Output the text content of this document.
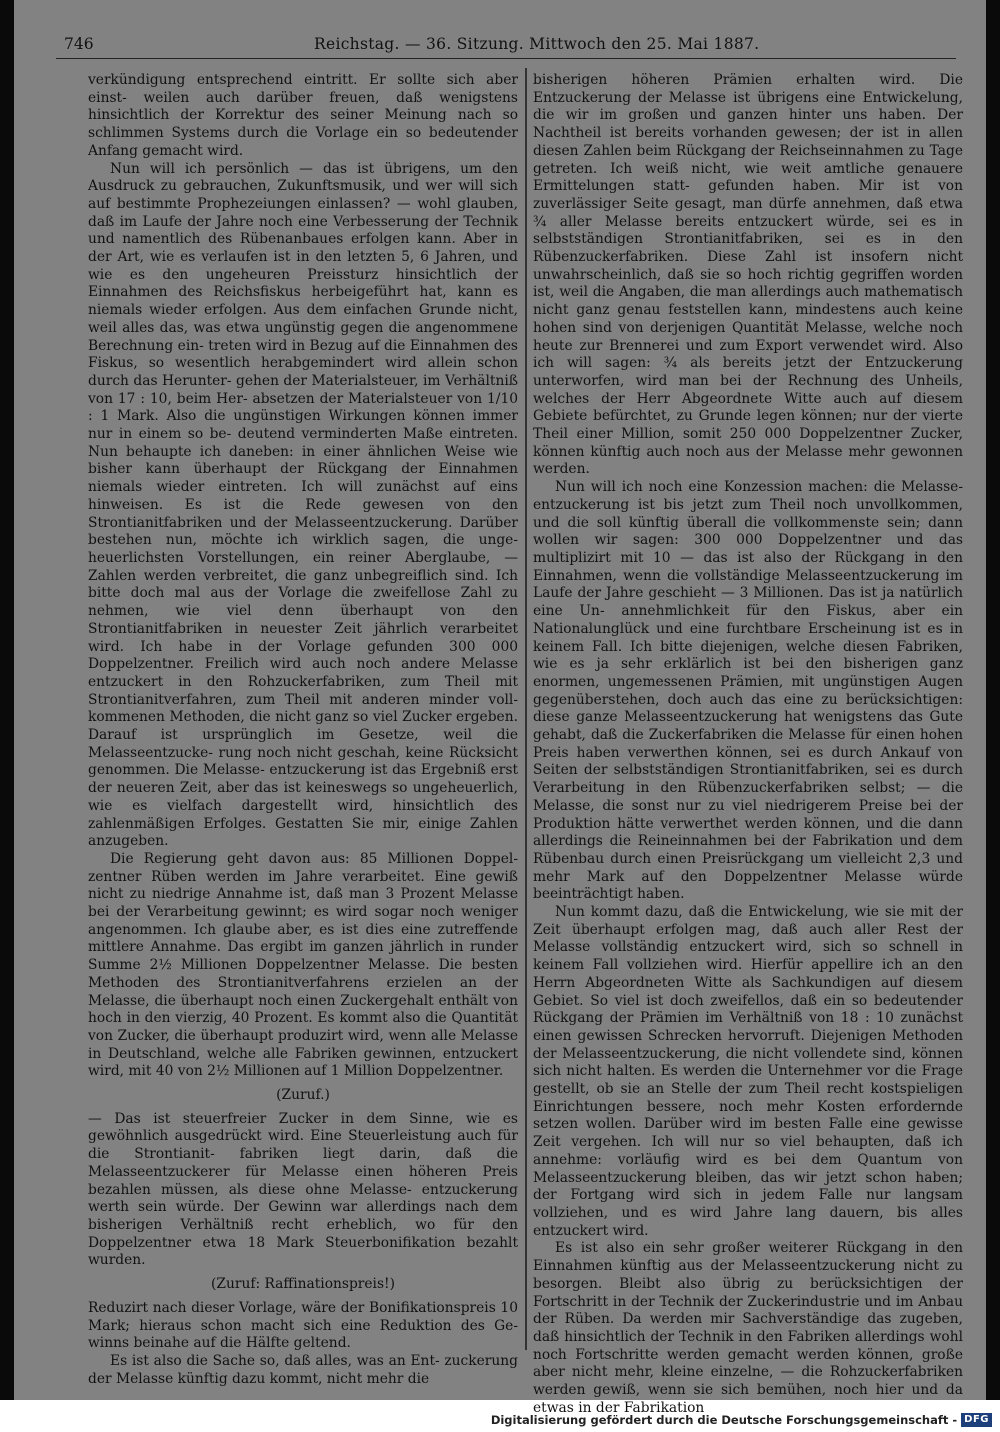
746	Reichstag. — 36. Sitzung. Mittwoch den 25. Mai 1887.

verkündigung entsprechend eintritt. Er sollte sich aber einst- weilen auch darüber freuen, daß wenigstens hinsichtlich der Korrektur des seiner Meinung nach so schlimmen Systems durch die Vorlage ein so bedeutender Anfang gemacht wird.

Nun will ich persönlich — das ist übrigens, um den Ausdruck zu gebrauchen, Zukunftsmusik, und wer will sich auf bestimmte Prophezeiungen einlassen? — wohl glauben, daß im Laufe der Jahre noch eine Verbesserung der Technik und namentlich des Rübenanbaues erfolgen kann. Aber in der Art, wie es verlaufen ist in den letzten 5, 6 Jahren, und wie es den ungeheuren Preissturz hinsichtlich der Einnahmen des Reichsfiskus herbeigeführt hat, kann es niemals wieder erfolgen. Aus dem einfachen Grunde nicht, weil alles das, was etwa ungünstig gegen die angenommene Berechnung ein- treten wird in Bezug auf die Einnahmen des Fiskus, so wesentlich herabgemindert wird allein schon durch das Herunter- gehen der Materialsteuer, im Verhältniß von 17 : 10, beim Her- absetzen der Materialsteuer von 1/10 : 1 Mark. Also die ungünstigen Wirkungen können immer nur in einem so be- deutend verminderten Maße eintreten. Nun behaupte ich daneben: in einer ähnlichen Weise wie bisher kann überhaupt der Rückgang der Einnahmen niemals wieder eintreten. Ich will zunächst auf eins hinweisen. Es ist die Rede gewesen von den Strontianitfabriken und der Melasseentzuckerung. Darüber bestehen nun, möchte ich wirklich sagen, die unge- heuerlichsten Vorstellungen, ein reiner Aberglaube, — Zahlen werden verbreitet, die ganz unbegreiflich sind. Ich bitte doch mal aus der Vorlage die zweifellose Zahl zu nehmen, wie viel denn überhaupt von den Strontianitfabriken in neuester Zeit jährlich verarbeitet wird. Ich habe in der Vorlage gefunden 300 000 Doppelzentner. Freilich wird auch noch andere Melasse entzuckert in den Rohzuckerfabriken, zum Theil mit Strontianitverfahren, zum Theil mit anderen minder voll- kommenen Methoden, die nicht ganz so viel Zucker ergeben. Darauf ist ursprünglich im Gesetze, weil die Melasseentzucke- rung noch nicht geschah, keine Rücksicht genommen. Die Melasse- entzuckerung ist das Ergebniß erst der neueren Zeit, aber das ist keineswegs so ungeheuerlich, wie es vielfach dargestellt wird, hinsichtlich des zahlenmäßigen Erfolges. Gestatten Sie mir, einige Zahlen anzugeben.

Die Regierung geht davon aus: 85 Millionen Doppel- zentner Rüben werden im Jahre verarbeitet. Eine gewiß nicht zu niedrige Annahme ist, daß man 3 Prozent Melasse bei der Verarbeitung gewinnt; es wird sogar noch weniger angenommen. Ich glaube aber, es ist dies eine zutreffende mittlere Annahme. Das ergibt im ganzen jährlich in runder Summe 2½ Millionen Doppelzentner Melasse. Die besten Methoden des Strontianitverfahrens erzielen an der Melasse, die überhaupt noch einen Zuckergehalt enthält von hoch in den vierzig, 40 Prozent. Es kommt also die Quantität von Zucker, die überhaupt produzirt wird, wenn alle Melasse in Deutschland, welche alle Fabriken gewinnen, entzuckert wird, mit 40 von 2½ Millionen auf 1 Million Doppelzentner.

(Zuruf.)

— Das ist steuerfreier Zucker in dem Sinne, wie es gewöhnlich ausgedrückt wird. Eine Steuerleistung auch für die Strontianit- fabriken liegt darin, daß die Melasseentzuckerer für Melasse einen höheren Preis bezahlen müssen, als diese ohne Melasse- entzuckerung werth sein würde. Der Gewinn war allerdings nach dem bisherigen Verhältniß recht erheblich, wo für den Doppelzentner etwa 18 Mark Steuerbonifikation bezahlt wurden.

(Zuruf: Raffinationspreis!)

Reduzirt nach dieser Vorlage, wäre der Bonifikationspreis 10 Mark; hieraus schon macht sich eine Reduktion des Ge- winns beinahe auf die Hälfte geltend.

Es ist also die Sache so, daß alles, was an Ent- zuckerung der Melasse künftig dazu kommt, nicht mehr die

bisherigen höheren Prämien erhalten wird. Die Entzuckerung der Melasse ist übrigens eine Entwickelung, die wir im großen und ganzen hinter uns haben. Der Nachtheil ist bereits vorhanden gewesen; der ist in allen diesen Zahlen beim Rückgang der Reichseinnahmen zu Tage getreten. Ich weiß nicht, wie weit amtliche genauere Ermittelungen statt- gefunden haben. Mir ist von zuverlässiger Seite gesagt, man dürfe annehmen, daß etwa ¾ aller Melasse bereits entzuckert würde, sei es in selbstständigen Strontianitfabriken, sei es in den Rübenzuckerfabriken. Diese Zahl ist insofern nicht unwahrscheinlich, daß sie so hoch richtig gegriffen worden ist, weil die Angaben, die man allerdings auch mathematisch nicht ganz genau feststellen kann, mindestens auch keine hohen sind von derjenigen Quantität Melasse, welche noch heute zur Brennerei und zum Export verwendet wird. Also ich will sagen: ¾ als bereits jetzt der Entzuckerung unterworfen, wird man bei der Rechnung des Unheils, welches der Herr Abgeordnete Witte auch auf diesem Gebiete befürchtet, zu Grunde legen können; nur der vierte Theil einer Million, somit 250 000 Doppelzentner Zucker, können künftig auch noch aus der Melasse mehr gewonnen werden.

Nun will ich noch eine Konzession machen: die Melasse- entzuckerung ist bis jetzt zum Theil noch unvollkommen, und die soll künftig überall die vollkommenste sein; dann wollen wir sagen: 300 000 Doppelzentner und das multiplizirt mit 10 — das ist also der Rückgang in den Einnahmen, wenn die vollständige Melasseentzuckerung im Laufe der Jahre geschieht — 3 Millionen. Das ist ja natürlich eine Un- annehmlichkeit für den Fiskus, aber ein Nationalunglück und eine furchtbare Erscheinung ist es in keinem Fall. Ich bitte diejenigen, welche diesen Fabriken, wie es ja sehr erklärlich ist bei den bisherigen ganz enormen, ungemessenen Prämien, mit ungünstigen Augen gegenüberstehen, doch auch das eine zu berücksichtigen: diese ganze Melasseentzuckerung hat wenigstens das Gute gehabt, daß die Zuckerfabriken die Melasse für einen hohen Preis haben verwerthen können, sei es durch Ankauf von Seiten der selbstständigen Strontianitfabriken, sei es durch Verarbeitung in den Rübenzuckerfabriken selbst; — die Melasse, die sonst nur zu viel niedrigerem Preise bei der Produktion hätte verwerthet werden können, und die dann allerdings die Reineinnahmen bei der Fabrikation und dem Rübenbau durch einen Preisrückgang um vielleicht 2,3 und mehr Mark auf den Doppelzentner Melasse würde beeinträchtigt haben.

Nun kommt dazu, daß die Entwickelung, wie sie mit der Zeit überhaupt erfolgen mag, daß auch aller Rest der Melasse vollständig entzuckert wird, sich so schnell in keinem Fall vollziehen wird. Hierfür appellire ich an den Herrn Abgeordneten Witte als Sachkundigen auf diesem Gebiet. So viel ist doch zweifellos, daß ein so bedeutender Rückgang der Prämien im Verhältniß von 18 : 10 zunächst einen gewissen Schrecken hervorruft. Diejenigen Methoden der Melasseentzuckerung, die nicht vollendete sind, können sich nicht halten. Es werden die Unternehmer vor die Frage gestellt, ob sie an Stelle der zum Theil recht kostspieligen Einrichtungen bessere, noch mehr Kosten erfordernde setzen wollen. Darüber wird im besten Falle eine gewisse Zeit vergehen. Ich will nur so viel behaupten, daß ich annehme: vorläufig wird es bei dem Quantum von Melasseentzuckerung bleiben, das wir jetzt schon haben; der Fortgang wird sich in jedem Falle nur langsam vollziehen, und es wird Jahre lang dauern, bis alles entzuckert wird.

Es ist also ein sehr großer weiterer Rückgang in den Einnahmen künftig aus der Melasseentzuckerung nicht zu besorgen. Bleibt also übrig zu berücksichtigen der Fortschritt in der Technik der Zuckerindustrie und im Anbau der Rüben. Da werden mir Sachverständige das zugeben, daß hinsichtlich der Technik in den Fabriken allerdings wohl noch Fortschritte werden gemacht werden können, große aber nicht mehr, kleine einzelne, — die Rohzuckerfabriken werden gewiß, wenn sie sich bemühen, noch hier und da etwas in der Fabrikation

Digitalisierung gefördert durch die Deutsche Forschungsgemeinschaft - DFG
